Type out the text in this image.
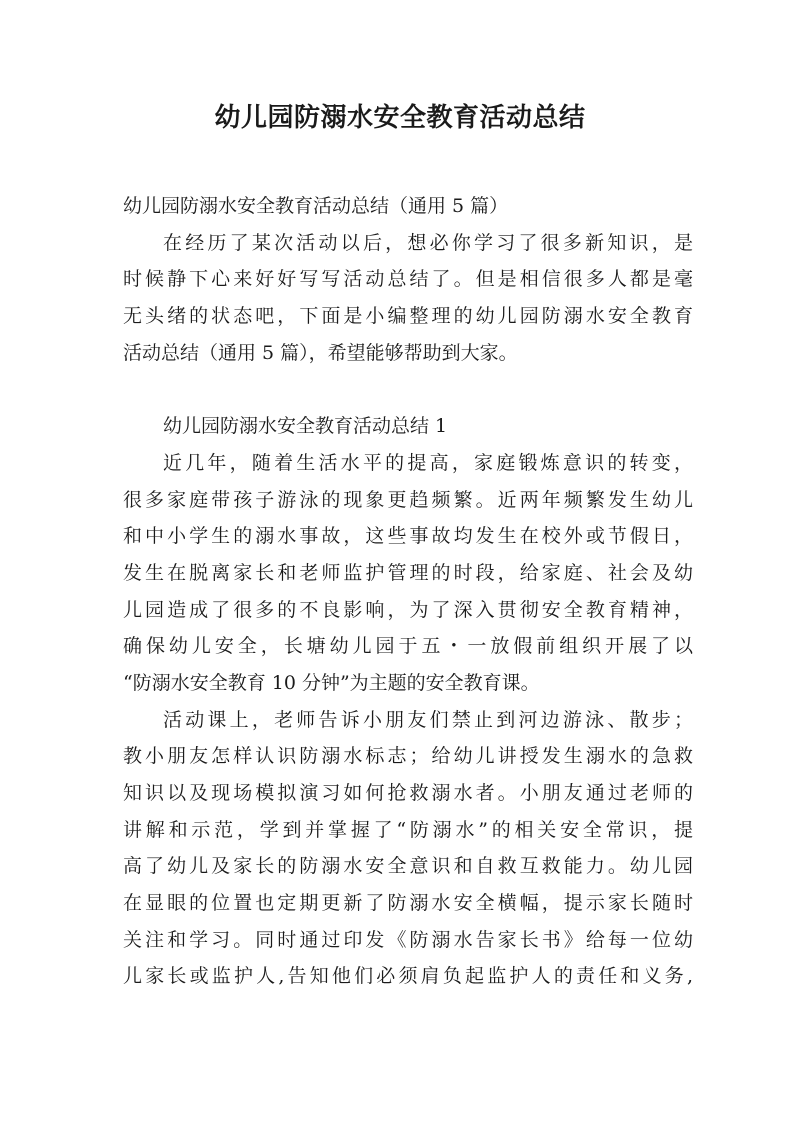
幼儿园防溺水安全教育活动总结
幼儿园防溺水安全教育活动总结（通用 5 篇）
在经历了某次活动以后，想必你学习了很多新知识，是
时候静下心来好好写写活动总结了。但是相信很多人都是毫
无头绪的状态吧，下面是小编整理的幼儿园防溺水安全教育
活动总结（通用 5 篇），希望能够帮助到大家。
幼儿园防溺水安全教育活动总结 1
近几年，随着生活水平的提高，家庭锻炼意识的转变，
很多家庭带孩子游泳的现象更趋频繁。近两年频繁发生幼儿
和中小学生的溺水事故，这些事故均发生在校外或节假日，
发生在脱离家长和老师监护管理的时段，给家庭、社会及幼
儿园造成了很多的不良影响，为了深入贯彻安全教育精神，
确保幼儿安全，长塘幼儿园于五・一放假前组织开展了以
“防溺水安全教育 10 分钟”为主题的安全教育课。
活动课上，老师告诉小朋友们禁止到河边游泳、散步；
教小朋友怎样认识防溺水标志；给幼儿讲授发生溺水的急救
知识以及现场模拟演习如何抢救溺水者。小朋友通过老师的
讲解和示范，学到并掌握了“防溺水”的相关安全常识，提
高了幼儿及家长的防溺水安全意识和自救互救能力。幼儿园
在显眼的位置也定期更新了防溺水安全横幅，提示家长随时
关注和学习。同时通过印发《防溺水告家长书》给每一位幼
儿家长或监护人,告知他们必须肩负起监护人的责任和义务,
